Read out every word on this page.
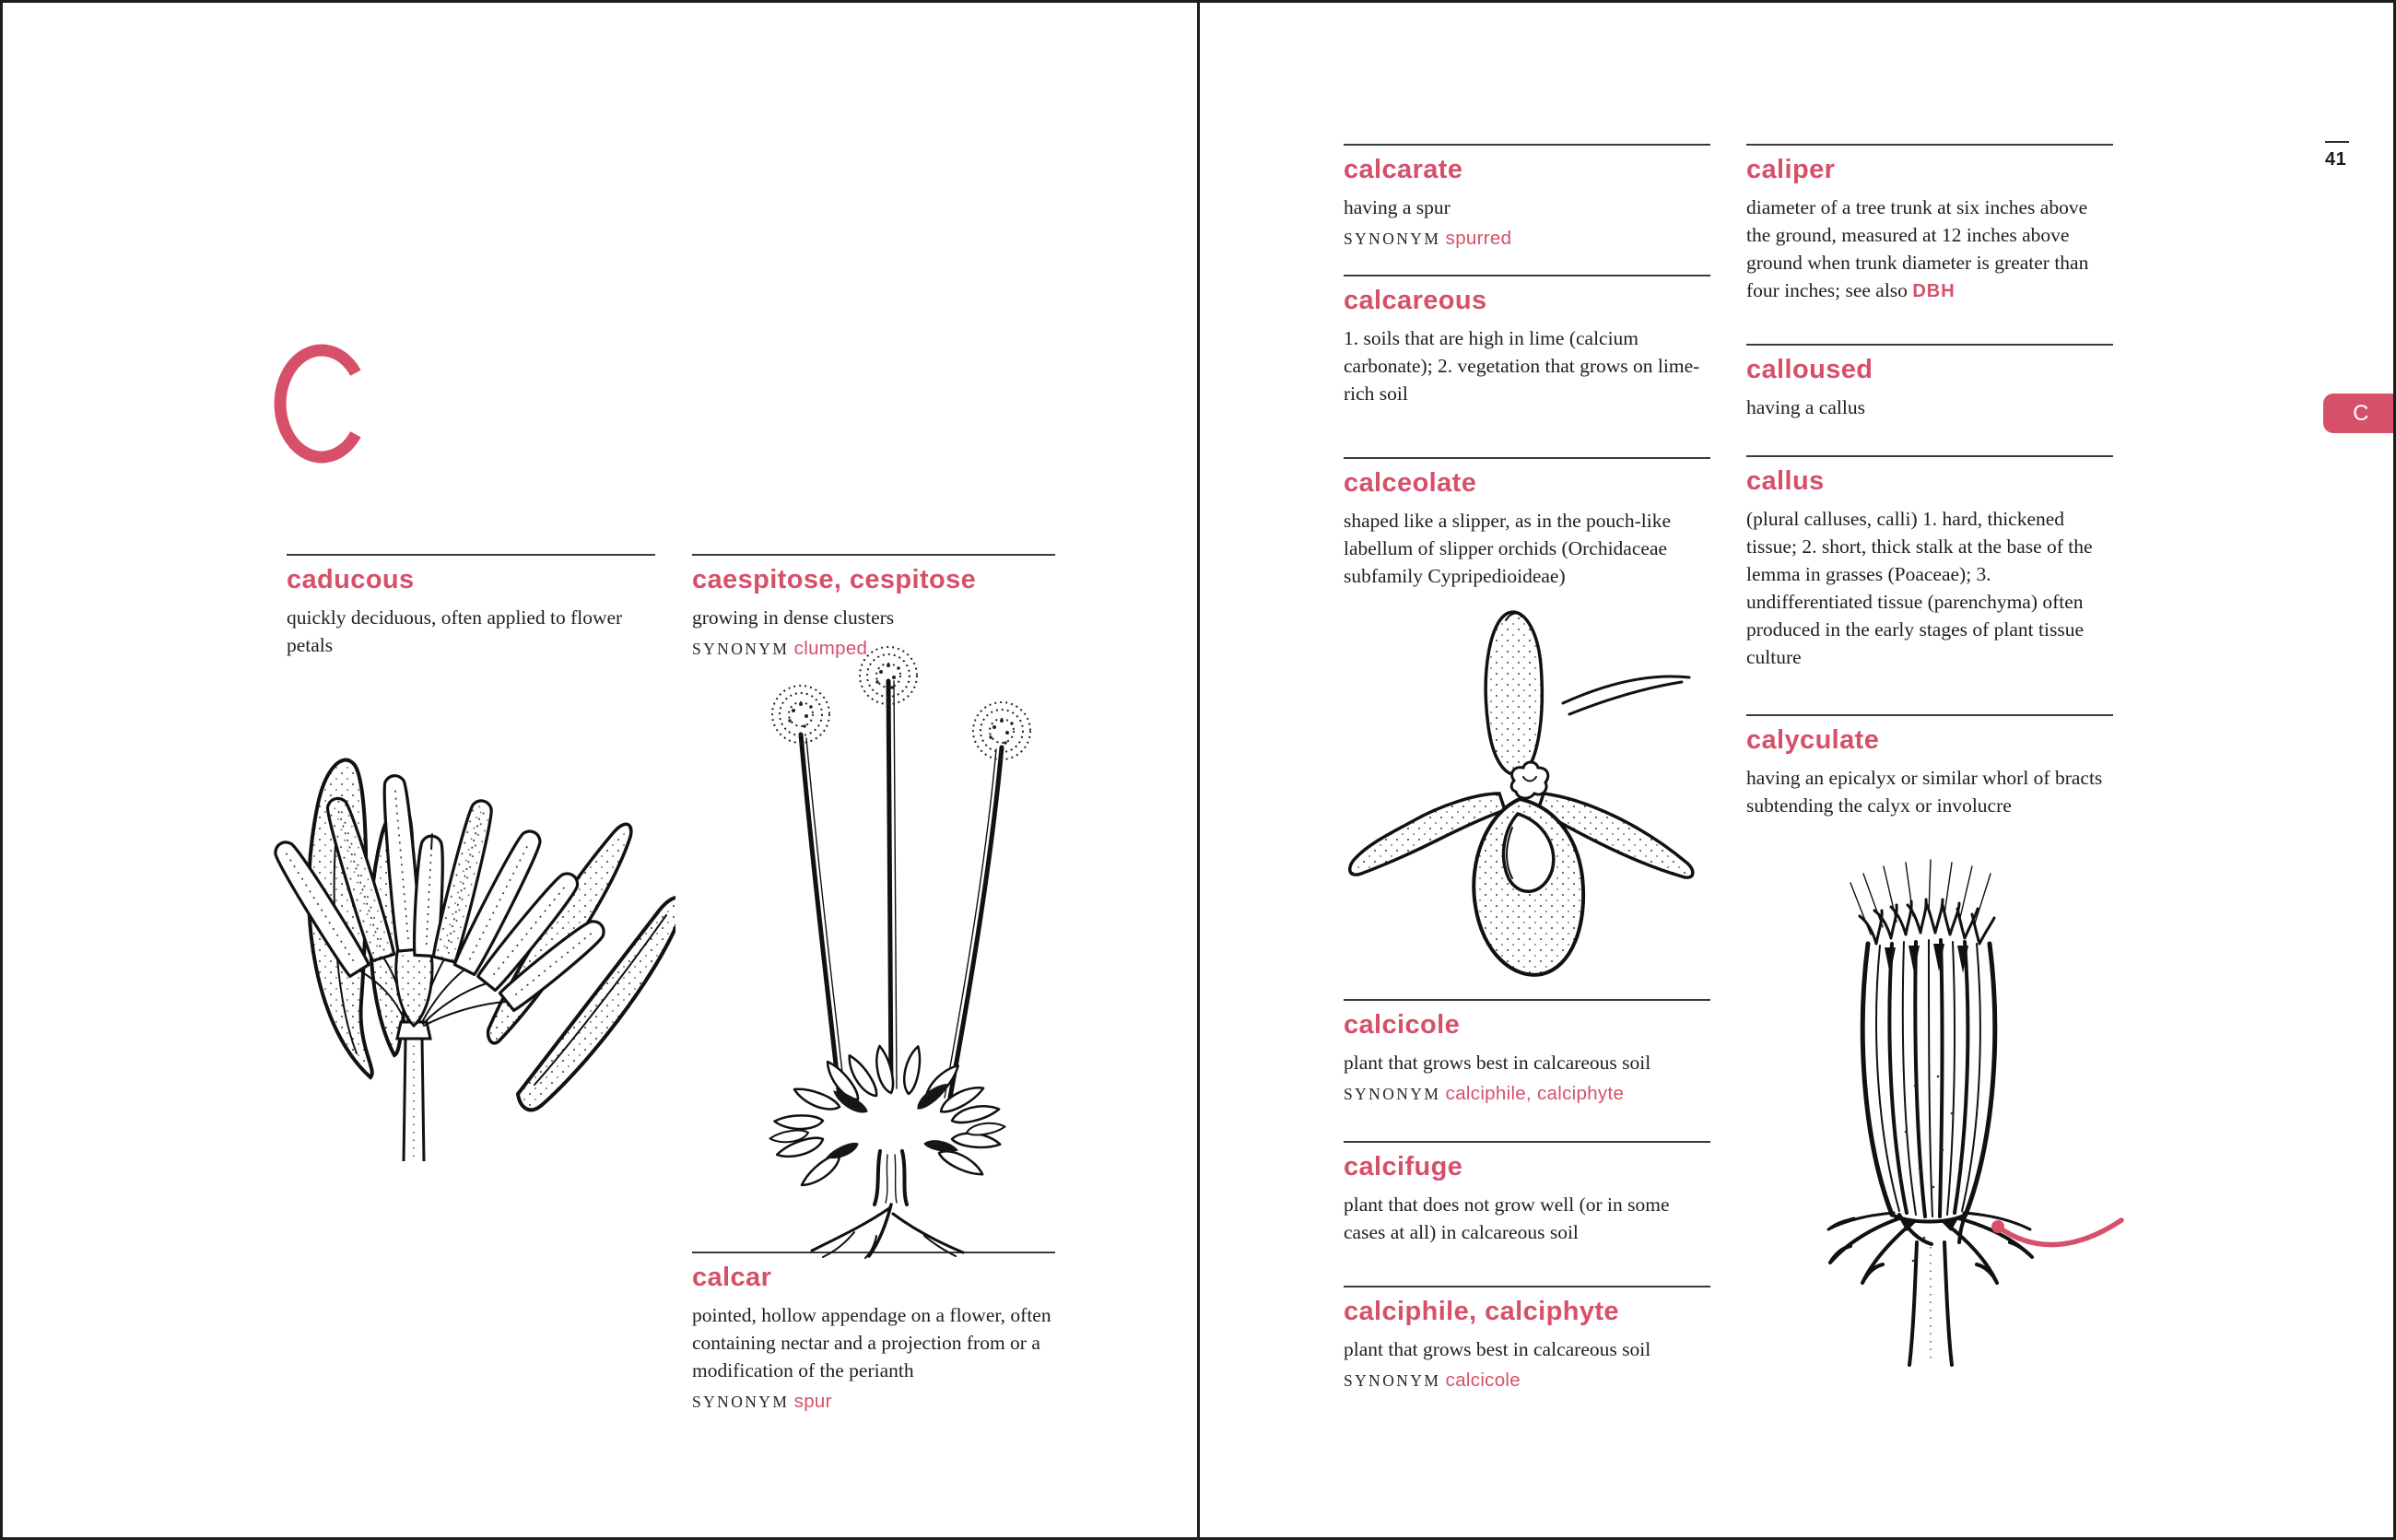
caducous

quickly deciduous, often applied to flower petals

caespitose, cespitose

growing in dense clusters

SYNONYM clumped

calcar

pointed, hollow appendage on a flower, often containing nectar and a projection from or a modification of the perianth

SYNONYM spur

calcarate

having a spur

SYNONYM spurred

calcareous

1. soils that are high in lime (calcium carbonate); 2. vegetation that grows on lime-rich soil

calceolate

shaped like a slipper, as in the pouch-like labellum of slipper orchids (Orchidaceae subfamily Cypripedioideae)

calcicole

plant that grows best in calcareous soil

SYNONYM calciphile, calciphyte

calcifuge

plant that does not grow well (or in some cases at all) in calcareous soil

calciphile, calciphyte

plant that grows best in calcareous soil

SYNONYM calcicole

caliper

diameter of a tree trunk at six inches above the ground, measured at 12 inches above ground when trunk diameter is greater than four inches; see also DBH

calloused

having a callus

callus

(plural calluses, calli) 1. hard, thickened tissue; 2. short, thick stalk at the base of the lemma in grasses (Poaceae); 3. undifferentiated tissue (parenchyma) often produced in the early stages of plant tissue culture

calyculate

having an epicalyx or similar whorl of bracts subtending the calyx or involucre

41
C
